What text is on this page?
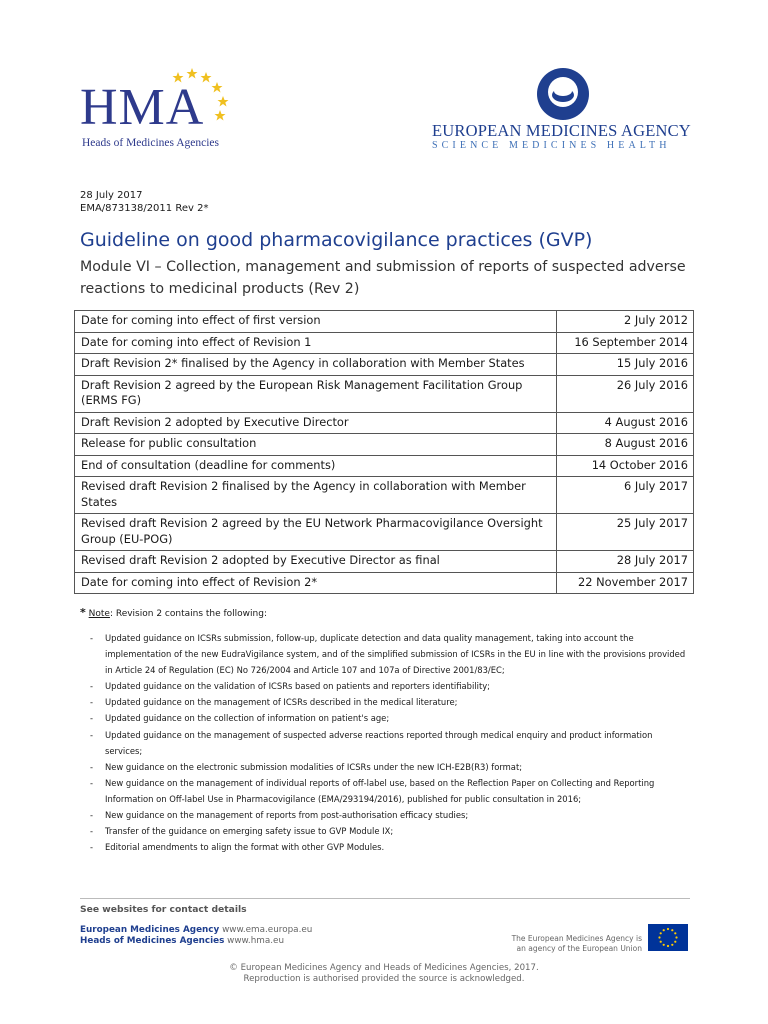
HMA
Heads of Medicines Agencies
EUROPEAN MEDICINES AGENCY
SCIENCE MEDICINES HEALTH
28 July 2017
EMA/873138/2011 Rev 2*
Guideline on good pharmacovigilance practices (GVP)
Module VI – Collection, management and submission of reports of suspected adverse reactions to medicinal products (Rev 2)
Date for coming into effect of first version	2 July 2012
Date for coming into effect of Revision 1	16 September 2014
Draft Revision 2* finalised by the Agency in collaboration with Member States	15 July 2016
Draft Revision 2 agreed by the European Risk Management Facilitation Group (ERMS FG)	26 July 2016
Draft Revision 2 adopted by Executive Director	4 August 2016
Release for public consultation	8 August 2016
End of consultation (deadline for comments)	14 October 2016
Revised draft Revision 2 finalised by the Agency in collaboration with Member States	6 July 2017
Revised draft Revision 2 agreed by the EU Network Pharmacovigilance Oversight Group (EU-POG)	25 July 2017
Revised draft Revision 2 adopted by Executive Director as final	28 July 2017
Date for coming into effect of Revision 2*	22 November 2017
* Note: Revision 2 contains the following:
- Updated guidance on ICSRs submission, follow-up, duplicate detection and data quality management, taking into account the implementation of the new EudraVigilance system, and of the simplified submission of ICSRs in the EU in line with the provisions provided in Article 24 of Regulation (EC) No 726/2004 and Article 107 and 107a of Directive 2001/83/EC;
- Updated guidance on the validation of ICSRs based on patients and reporters identifiability;
- Updated guidance on the management of ICSRs described in the medical literature;
- Updated guidance on the collection of information on patient's age;
- Updated guidance on the management of suspected adverse reactions reported through medical enquiry and product information services;
- New guidance on the electronic submission modalities of ICSRs under the new ICH-E2B(R3) format;
- New guidance on the management of individual reports of off-label use, based on the Reflection Paper on Collecting and Reporting Information on Off-label Use in Pharmacovigilance (EMA/293194/2016), published for public consultation in 2016;
- New guidance on the management of reports from post-authorisation efficacy studies;
- Transfer of the guidance on emerging safety issue to GVP Module IX;
- Editorial amendments to align the format with other GVP Modules.
See websites for contact details
European Medicines Agency www.ema.europa.eu
Heads of Medicines Agencies www.hma.eu	The European Medicines Agency is
an agency of the European Union
© European Medicines Agency and Heads of Medicines Agencies, 2017.
Reproduction is authorised provided the source is acknowledged.
